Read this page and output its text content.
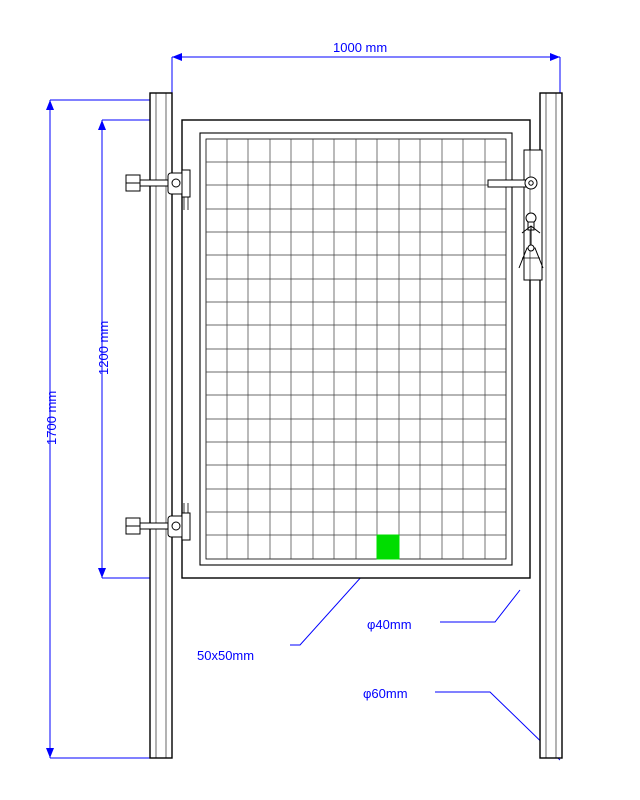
1000 mm
1200 mm
1700 mm
50x50mm
φ40mm
φ60mm
